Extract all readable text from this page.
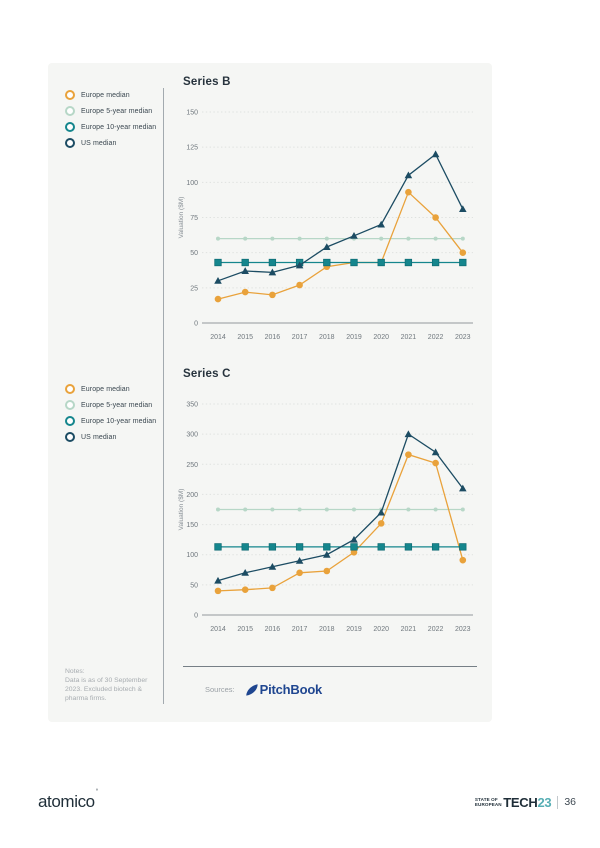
Europe median
Europe 5-year median
Europe 10-year median
US median
Europe median
Europe 5-year median
Europe 10-year median
US median
Series B
Series C
0
25
50
75
100
125
150
2014 2015 2016 2017 2018 2019 2020 2021 2022 2023
Valuation ($M)
0
50
100
150
200
250
300
350
2014 2015 2016 2017 2018 2019 2020 2021 2022 2023
Valuation ($M)
Notes:
Data is as of 30 September
2023. Excluded biotech &
pharma firms.
Sources: PitchBook
atomico°
STATE OF
EUROPEAN TECH 23 36
